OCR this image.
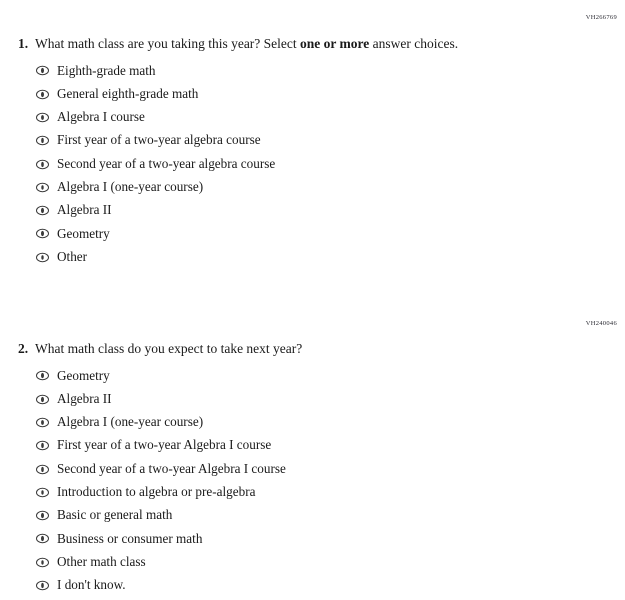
VH266769
1. What math class are you taking this year? Select one or more answer choices.
Eighth-grade math
General eighth-grade math
Algebra I course
First year of a two-year algebra course
Second year of a two-year algebra course
Algebra I (one-year course)
Algebra II
Geometry
Other
VH240046
2. What math class do you expect to take next year?
Geometry
Algebra II
Algebra I (one-year course)
First year of a two-year Algebra I course
Second year of a two-year Algebra I course
Introduction to algebra or pre-algebra
Basic or general math
Business or consumer math
Other math class
I don't know.
